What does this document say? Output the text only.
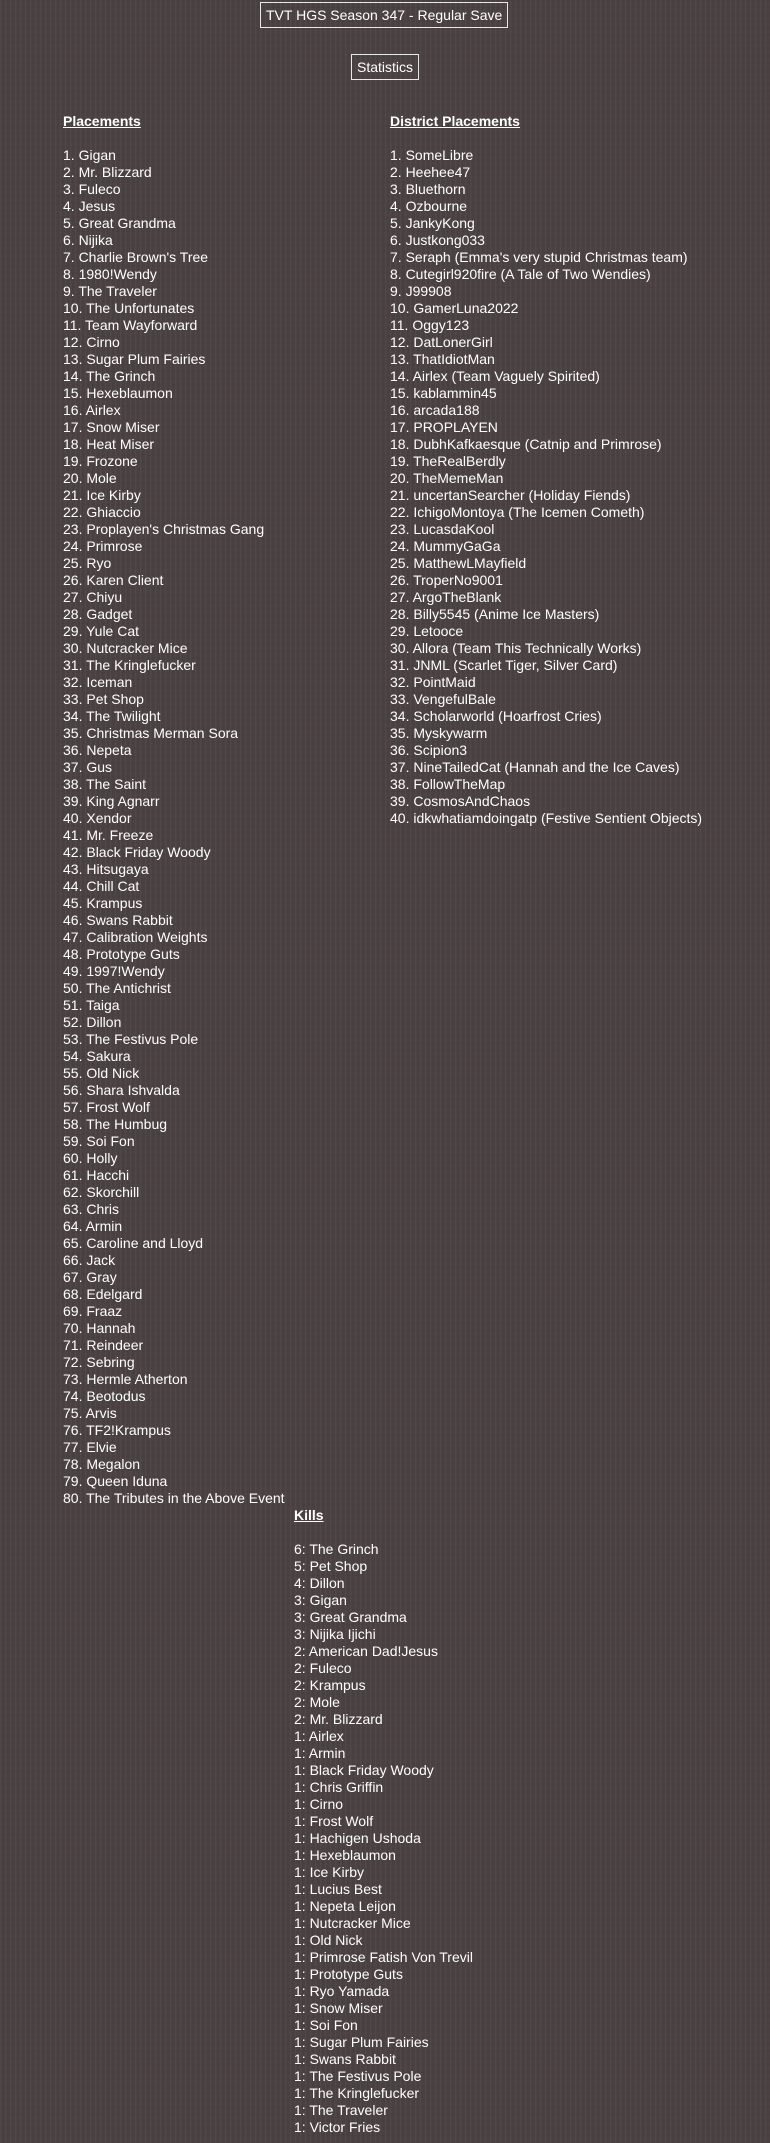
TVT HGS Season 347 - Regular Save
Statistics
Placements
1. Gigan
2. Mr. Blizzard
3. Fuleco
4. Jesus
5. Great Grandma
6. Nijika
7. Charlie Brown's Tree
8. 1980!Wendy
9. The Traveler
10. The Unfortunates
11. Team Wayforward
12. Cirno
13. Sugar Plum Fairies
14. The Grinch
15. Hexeblaumon
16. Airlex
17. Snow Miser
18. Heat Miser
19. Frozone
20. Mole
21. Ice Kirby
22. Ghiaccio
23. Proplayen's Christmas Gang
24. Primrose
25. Ryo
26. Karen Client
27. Chiyu
28. Gadget
29. Yule Cat
30. Nutcracker Mice
31. The Kringlefucker
32. Iceman
33. Pet Shop
34. The Twilight
35. Christmas Merman Sora
36. Nepeta
37. Gus
38. The Saint
39. King Agnarr
40. Xendor
41. Mr. Freeze
42. Black Friday Woody
43. Hitsugaya
44. Chill Cat
45. Krampus
46. Swans Rabbit
47. Calibration Weights
48. Prototype Guts
49. 1997!Wendy
50. The Antichrist
51. Taiga
52. Dillon
53. The Festivus Pole
54. Sakura
55. Old Nick
56. Shara Ishvalda
57. Frost Wolf
58. The Humbug
59. Soi Fon
60. Holly
61. Hacchi
62. Skorchill
63. Chris
64. Armin
65. Caroline and Lloyd
66. Jack
67. Gray
68. Edelgard
69. Fraaz
70. Hannah
71. Reindeer
72. Sebring
73. Hermle Atherton
74. Beotodus
75. Arvis
76. TF2!Krampus
77. Elvie
78. Megalon
79. Queen Iduna
80. The Tributes in the Above Event
District Placements
1. SomeLibre
2. Heehee47
3. Bluethorn
4. Ozbourne
5. JankyKong
6. Justkong033
7. Seraph (Emma's very stupid Christmas team)
8. Cutegirl920fire (A Tale of Two Wendies)
9. J99908
10. GamerLuna2022
11. Oggy123
12. DatLonerGirl
13. ThatIdiotMan
14. Airlex (Team Vaguely Spirited)
15. kablammin45
16. arcada188
17. PROPLAYEN
18. DubhKafkaesque (Catnip and Primrose)
19. TheRealBerdly
20. TheMemeMan
21. uncertanSearcher (Holiday Fiends)
22. IchigoMontoya (The Icemen Cometh)
23. LucasdaKool
24. MummyGaGa
25. MatthewLMayfield
26. TroperNo9001
27. ArgoTheBlank
28. Billy5545 (Anime Ice Masters)
29. Letooce
30. Allora (Team This Technically Works)
31. JNML (Scarlet Tiger, Silver Card)
32. PointMaid
33. VengefulBale
34. Scholarworld (Hoarfrost Cries)
35. Myskywarm
36. Scipion3
37. NineTailedCat (Hannah and the Ice Caves)
38. FollowTheMap
39. CosmosAndChaos
40. idkwhatiamdoingatp (Festive Sentient Objects)
Kills
6: The Grinch
5: Pet Shop
4: Dillon
3: Gigan
3: Great Grandma
3: Nijika Ijichi
2: American Dad!Jesus
2: Fuleco
2: Krampus
2: Mole
2: Mr. Blizzard
1: Airlex
1: Armin
1: Black Friday Woody
1: Chris Griffin
1: Cirno
1: Frost Wolf
1: Hachigen Ushoda
1: Hexeblaumon
1: Ice Kirby
1: Lucius Best
1: Nepeta Leijon
1: Nutcracker Mice
1: Old Nick
1: Primrose Fatish Von Trevil
1: Prototype Guts
1: Ryo Yamada
1: Snow Miser
1: Soi Fon
1: Sugar Plum Fairies
1: Swans Rabbit
1: The Festivus Pole
1: The Kringlefucker
1: The Traveler
1: Victor Fries
